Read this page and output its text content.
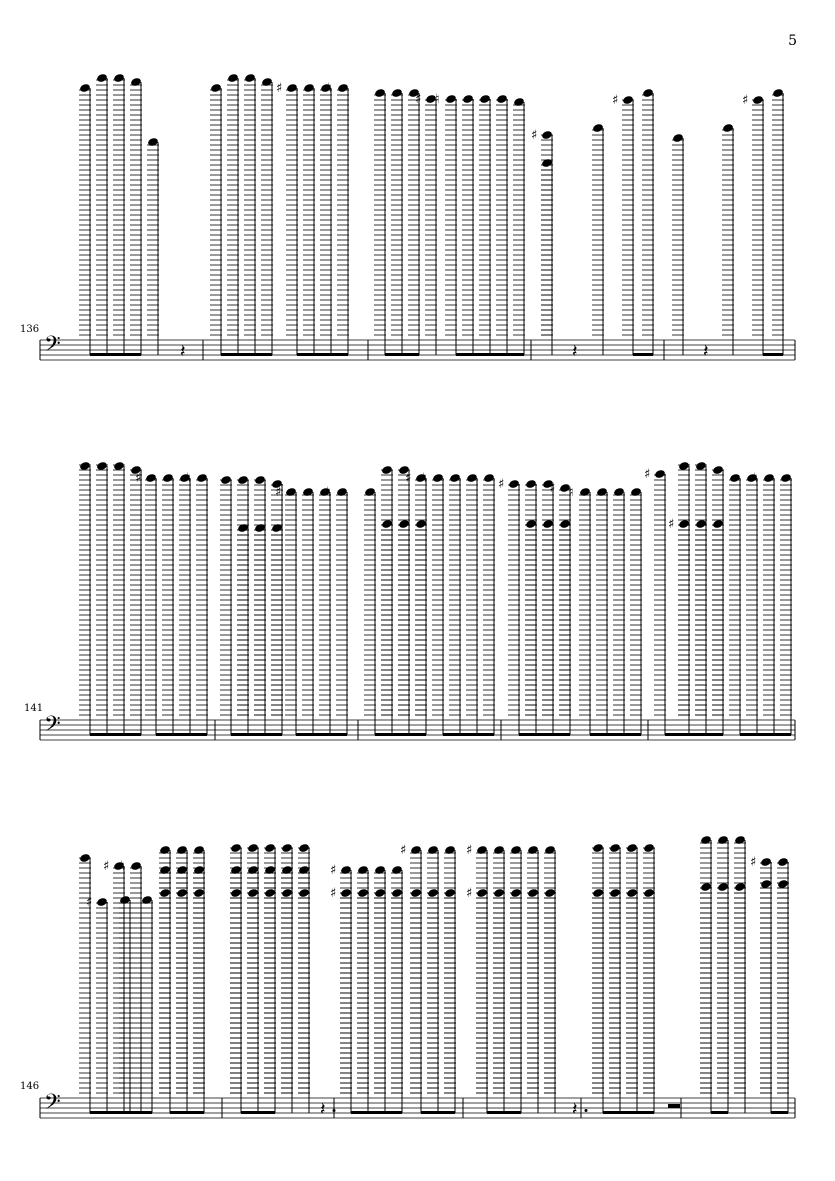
5
136
141
146
𝄢
♯	♮
♯ ♮
♯
♯	♯
𝄽	𝄽	𝄽
𝄢
♯	♮
♯	♮
♯ ♮	♯	♯ ♮
♯
♯
♮
𝄢
♯
♯ ♮	♯
♯
♯	♯
♯
♯
𝄽	𝄽
